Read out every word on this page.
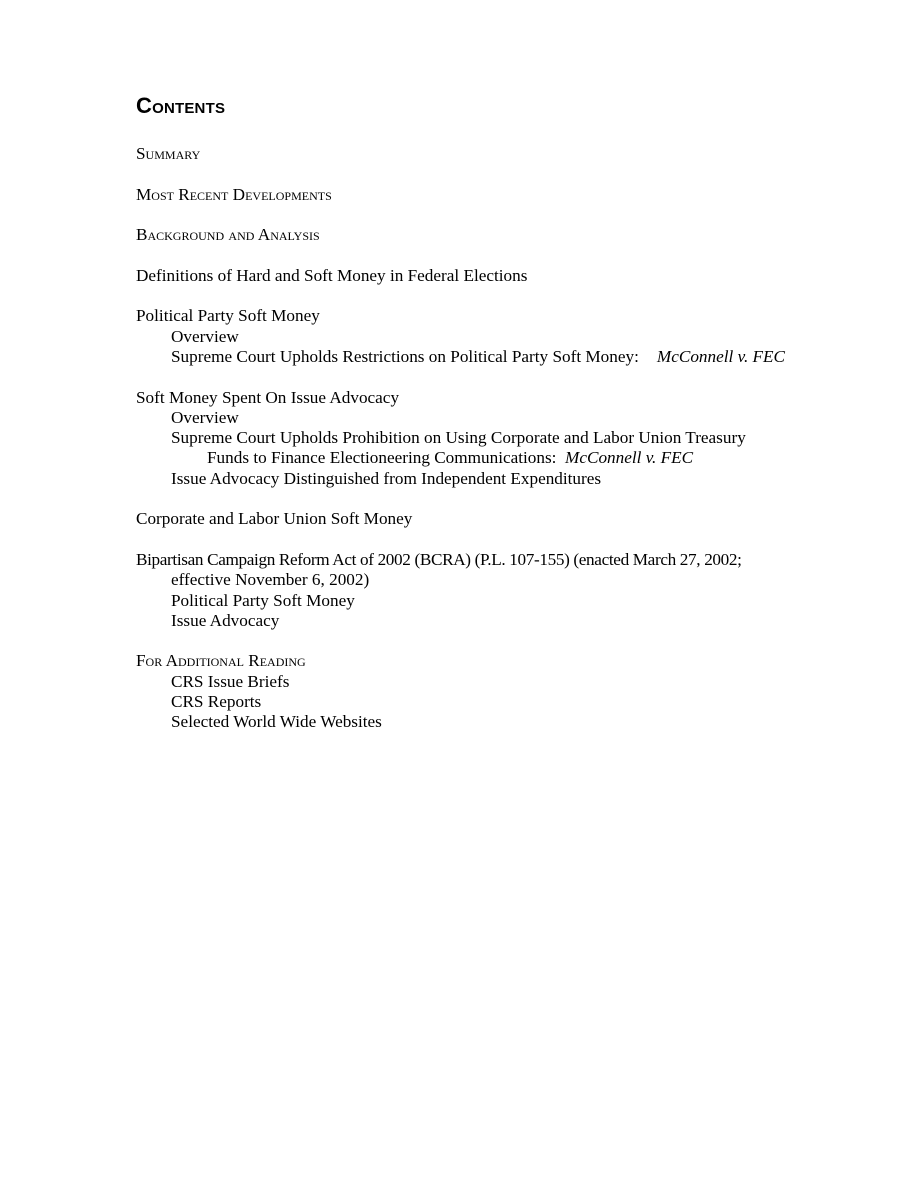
Contents
Summary
Most Recent Developments
Background and Analysis
Definitions of Hard and Soft Money in Federal Elections
Political Party Soft Money
Overview
Supreme Court Upholds Restrictions on Political Party Soft Money: McConnell v. FEC
Soft Money Spent On Issue Advocacy
Overview
Supreme Court Upholds Prohibition on Using Corporate and Labor Union Treasury
Funds to Finance Electioneering Communications: McConnell v. FEC
Issue Advocacy Distinguished from Independent Expenditures
Corporate and Labor Union Soft Money
Bipartisan Campaign Reform Act of 2002 (BCRA) (P.L. 107-155) (enacted March 27, 2002;
effective November 6, 2002)
Political Party Soft Money
Issue Advocacy
For Additional Reading
CRS Issue Briefs
CRS Reports
Selected World Wide Websites
